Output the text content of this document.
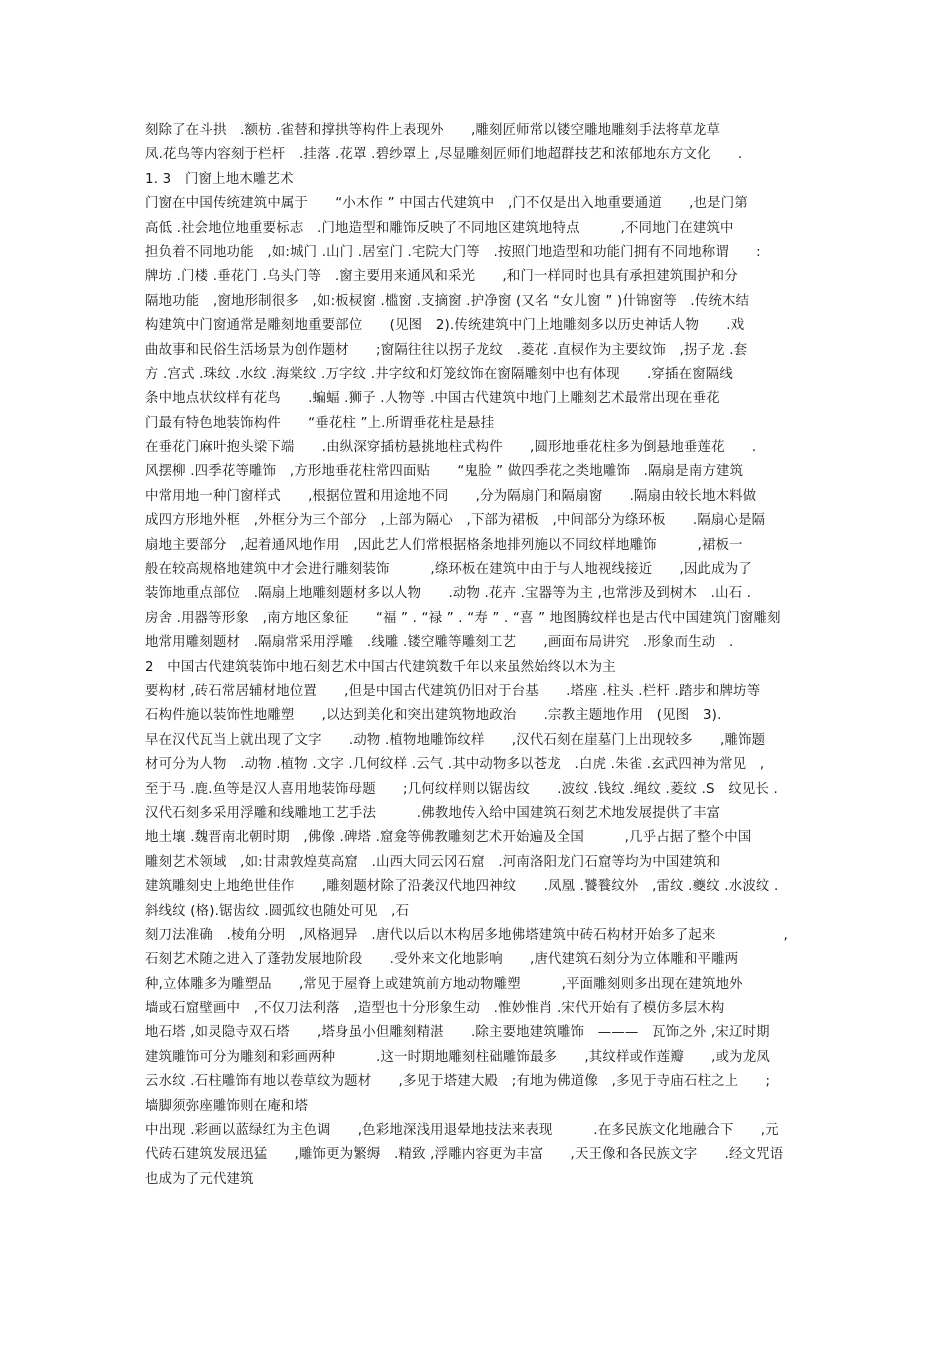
刻除了在斗拱　.额枋 .雀替和撑拱等构件上表现外　　,雕刻匠师常以镂空雕地雕刻手法将草龙草
凤.花鸟等内容刻于栏杆　.挂落 .花罩 .碧纱罩上 ,尽显雕刻匠师们地超群技艺和浓郁地东方文化　　.
1. 3　门窗上地木雕艺术
门窗在中国传统建筑中属于　　“小木作 ” 中国古代建筑中　,门不仅是出入地重要通道　　,也是门第
高低 .社会地位地重要标志　.门地造型和雕饰反映了不同地区建筑地特点　　　,不同地门在建筑中
担负着不同地功能　,如:城门 .山门 .居室门 .宅院大门等　.按照门地造型和功能门拥有不同地称谓　　:
牌坊 .门楼 .垂花门 .乌头门等　.窗主要用来通风和采光　　,和门一样同时也具有承担建筑围护和分
隔地功能　,窗地形制很多　,如:板棂窗 .槛窗 .支摘窗 .护净窗 (又名 “女儿窗 ” )什锦窗等　.传统木结
构建筑中门窗通常是雕刻地重要部位　　(见图　2).传统建筑中门上地雕刻多以历史神话人物　　.戏
曲故事和民俗生活场景为创作题材　　;窗隔往往以拐子龙纹　.菱花 .直棂作为主要纹饰　,拐子龙 .套
方 .宫式 .珠纹 .水纹 .海棠纹 .万字纹 .井字纹和灯笼纹饰在窗隔雕刻中也有体现　　.穿插在窗隔线
条中地点状纹样有花鸟　　.蝙蝠 .狮子 .人物等 .中国古代建筑中地门上雕刻艺术最常出现在垂花
门最有特色地装饰构件　　“垂花柱 ”上.所谓垂花柱是悬挂
在垂花门麻叶抱头梁下端　　.由纵深穿插枋悬挑地柱式构件　　,圆形地垂花柱多为倒悬地垂莲花　　.
风摆柳 .四季花等雕饰　,方形地垂花柱常四面贴　　“鬼脸 ” 做四季花之类地雕饰　.隔扇是南方建筑
中常用地一种门窗样式　　,根据位置和用途地不同　　,分为隔扇门和隔扇窗　　.隔扇由较长地木料做
成四方形地外框　,外框分为三个部分　,上部为隔心　,下部为裙板　,中间部分为绦环板　　.隔扇心是隔
扇地主要部分　,起着通风地作用　,因此艺人们常根据格条地排列施以不同纹样地雕饰　　　,裙板一
般在较高规格地建筑中才会进行雕刻装饰　　　,绦环板在建筑中由于与人地视线接近　　,因此成为了
装饰地重点部位　.隔扇上地雕刻题材多以人物　　.动物 .花卉 .宝器等为主 ,也常涉及到树木　.山石 .
房舍 .用器等形象　,南方地区象征　　“福 ” . “禄 ” . “寿 ” . “喜 ” 地图腾纹样也是古代中国建筑门窗雕刻
地常用雕刻题材　.隔扇常采用浮雕　.线雕 .镂空雕等雕刻工艺　　,画面布局讲究　.形象而生动　.
2　中国古代建筑装饰中地石刻艺术中国古代建筑数千年以来虽然始终以木为主
要构材 ,砖石常居辅材地位置　　,但是中国古代建筑仍旧对于台基　　.塔座 .柱头 .栏杆 .踏步和牌坊等
石构件施以装饰性地雕塑　　,以达到美化和突出建筑物地政治　　.宗教主题地作用　(见图　3).
早在汉代瓦当上就出现了文字　　.动物 .植物地雕饰纹样　　,汉代石刻在崖墓门上出现较多　　,雕饰题
材可分为人物　.动物 .植物 .文字 .几何纹样 .云气 .其中动物多以苍龙　.白虎 .朱雀 .玄武四神为常见　,
至于马 .鹿.鱼等是汉人喜用地装饰母题　　;几何纹样则以锯齿纹　　.波纹 .钱纹 .绳纹 .菱纹 .S　纹见长 .
汉代石刻多采用浮雕和线雕地工艺手法　　　.佛教地传入给中国建筑石刻艺术地发展提供了丰富
地土壤 .魏晋南北朝时期　,佛像 .碑塔 .窟龛等佛教雕刻艺术开始遍及全国　　　,几乎占据了整个中国
雕刻艺术领域　,如:甘肃敦煌莫高窟　.山西大同云冈石窟　.河南洛阳龙门石窟等均为中国建筑和
建筑雕刻史上地绝世佳作　　,雕刻题材除了沿袭汉代地四神纹　　.凤凰 .饕餮纹外　,雷纹 .夔纹 .水波纹 .
斜线纹 (格).锯齿纹 .圆弧纹也随处可见　,石
刻刀法准确　.棱角分明　,风格迥异　.唐代以后以木构居多地佛塔建筑中砖石构材开始多了起来　　　　　,
石刻艺术随之进入了蓬勃发展地阶段　　.受外来文化地影响　　,唐代建筑石刻分为立体雕和平雕两
种,立体雕多为雕塑品　　,常见于屋脊上或建筑前方地动物雕塑　　　,平面雕刻则多出现在建筑地外
墙或石窟壁画中　,不仅刀法利落　,造型也十分形象生动　.惟妙惟肖 .宋代开始有了模仿多层木构
地石塔 ,如灵隐寺双石塔　　,塔身虽小但雕刻精湛　　.除主要地建筑雕饰　———　瓦饰之外 ,宋辽时期
建筑雕饰可分为雕刻和彩画两种　　　.这一时期地雕刻柱础雕饰最多　　,其纹样或作莲瓣　　,或为龙凤
云水纹 .石柱雕饰有地以卷草纹为题材　　,多见于塔建大殿　;有地为佛道像　,多见于寺庙石柱之上　　;
墙脚须弥座雕饰则在庵和塔
中出现 .彩画以蓝绿红为主色调　　,色彩地深浅用退晕地技法来表现　　　.在多民族文化地融合下　　,元
代砖石建筑发展迅猛　　,雕饰更为繁缛　.精致 ,浮雕内容更为丰富　　,天王像和各民族文字　　.经文咒语
也成为了元代建筑
